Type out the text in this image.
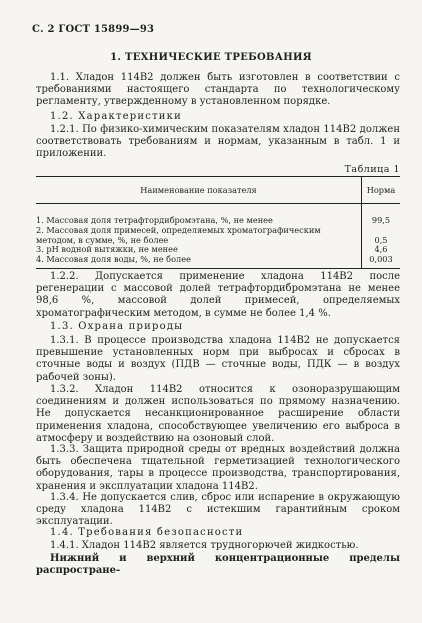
С. 2 ГОСТ 15899—93
1. ТЕХНИЧЕСКИЕ ТРЕБОВАНИЯ
1.1. Хладон 114В2 должен быть изготовлен в соответствии с требованиями настоящего стандарта по технологическому регламенту, утвержденному в установленном порядке.
1.2. Характеристики
1.2.1. По физико-химическим показателям хладон 114В2 должен соответствовать требованиям и нормам, указанным в табл. 1 и приложении.
Таблица 1
Наименование показателя	Норма
1. Массовая доля тетрафтордибромэтана, %, не менее	99,5
2. Массовая доля примесей, определяемых хроматографическим методом, в сумме, %, не более	0,5
3. рН водной вытяжки, не менее	4,6
4. Массовая доля воды, %, не более	0,003
1.2.2. Допускается применение хладона 114В2 после регенерации с массовой долей тетрафтордибромэтана не менее 98,6 %, массовой долей примесей, определяемых хроматографическим методом, в сумме не более 1,4 %.
1.3. Охрана природы
1.3.1. В процессе производства хладона 114В2 не допускается превышение установленных норм при выбросах и сбросах в сточные воды и воздух (ПДВ — сточные воды, ПДК — в воздух рабочей зоны).
1.3.2. Хладон 114В2 относится к озоноразрушающим соединениям и должен использоваться по прямому назначению. Не допускается несанкционированное расширение области применения хладона, способствующее увеличению его выброса в атмосферу и воздействию на озоновый слой.
1.3.3. Защита природной среды от вредных воздействий должна быть обеспечена тщательной герметизацией технологического оборудования, тары в процессе производства, транспортирования, хранения и эксплуатации хладона 114В2.
1.3.4. Не допускается слив, сброс или испарение в окружающую среду хладона 114В2 с истекшим гарантийным сроком эксплуатации.
1.4. Требования безопасности
1.4.1. Хладон 114В2 является трудногорючей жидкостью.
Нижний и верхний концентрационные пределы распростране-
